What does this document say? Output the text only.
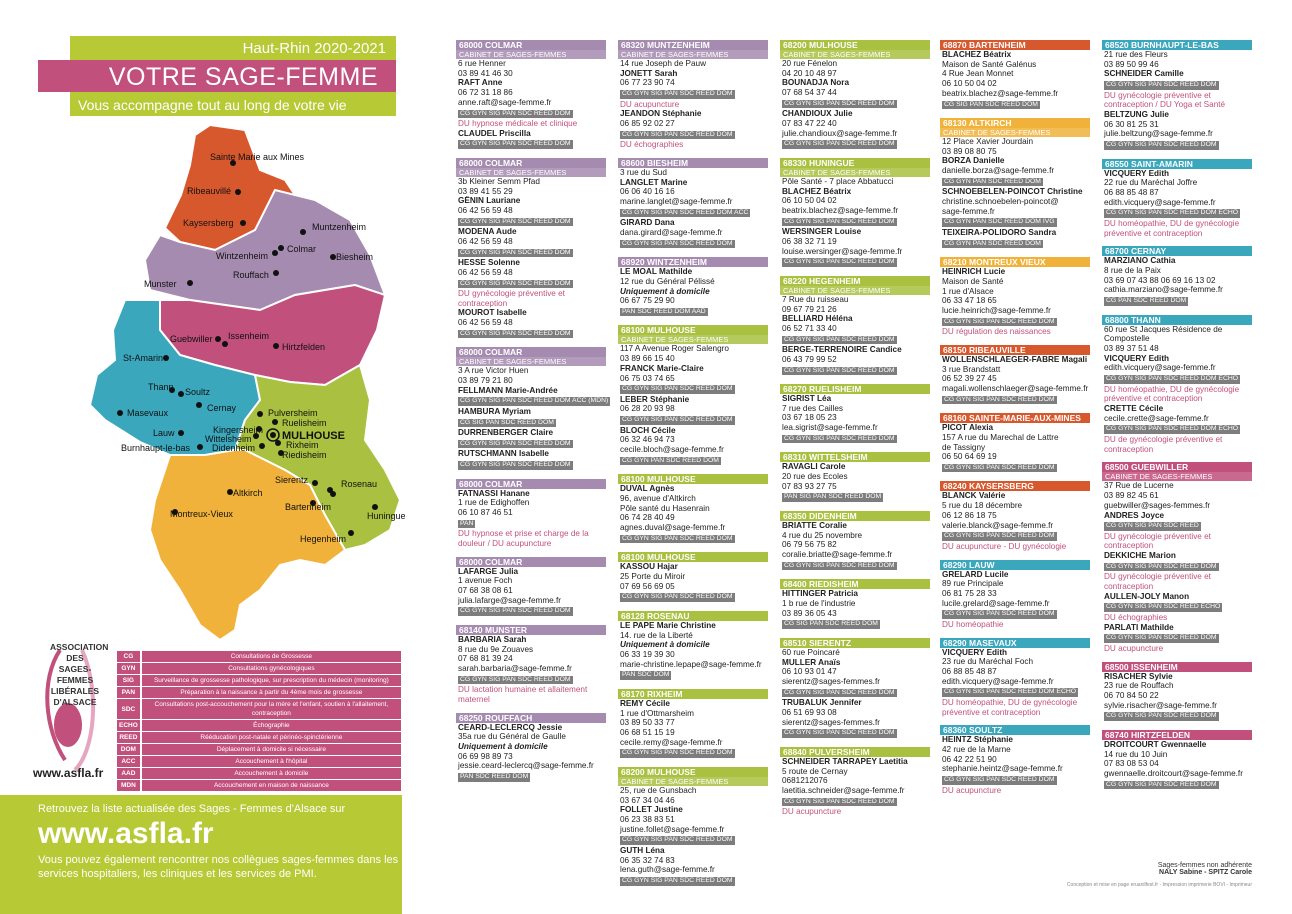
Haut-Rhin 2020-2021
VOTRE SAGE-FEMME
Vous accompagne tout au long de votre vie
Sainte Marie aux Mines
Ribeauvillé
Kaysersberg	Muntzenheim
Wintzenheim
Colmar
Biesheim
Rouffach
Munster
Guebwiller Issenheim
Hirtzfelden
St-Amarin
Thann Soultz
Cernay
Masevaux	Pulversheim
Ruelisheim
Kingersheim
Wittelsheim	MULHOUSE
Lauw
Rixheim
Didenheim
Riedisheim
Burnhaupt-le-bas
Sierentz	Rosenau
Altkirch
Bartenheim
Huningue
Montreux-Vieux
Hegenheim
ASSOCIATION DES SAGES-FEMMES LIBÉRALES D'ALSACE
www.asfla.fr
CG	Consultations de Grossesse
GYN	Consultations gynécologiques
SIG	Surveillance de grossesse pathologique, sur prescription du médecin (monitoring)
PAN	Préparation à la naissance à partir du 4ème mois de grossesse
SDC	Consultations post-accouchement pour la mère et l'enfant, soutien à l'allaitement, contraception
ECHO	Échographie
REED	Rééducation post-natale et périnéo-spinctérienne
DOM	Déplacement à domicile si nécessaire
ACC	Accouchement à l'hôpital
AAD	Accouchement à domicile
MDN	Accouchement en maison de naissance
Retrouvez la liste actualisée des Sages - Femmes d'Alsace sur
www.asfla.fr
Vous pouvez également rencontrer nos collègues sages-femmes dans les services hospitaliers, les cliniques et les services de PMI.
68000 COLMAR
CABINET DE SAGES-FEMMES
6 rue Henner
03 89 41 46 30
RAFT Anne
06 72 31 18 86
anne.raft@sage-femme.fr
CG GYN SIG PAN SDC REED DOM
DU hypnose médicale et clinique
CLAUDEL Priscilla
CG GYN SIG PAN SDC REED DOM
68000 COLMAR
CABINET DE SAGES-FEMMES
3b Kleiner Semm Pfad
03 89 41 55 29
GÊNIN Lauriane
06 42 56 59 48
CG GYN SIG PAN SDC REED DOM
MODENA Aude
06 42 56 59 48
CG GYN SIG PAN SDC REED DOM
HESSE Solenne
06 42 56 59 48
CG GYN SIG PAN SDC REED DOM
DU gynécologie préventive et contraception
MOUROT Isabelle
06 42 56 59 48
CG GYN SIG PAN SDC REED DOM
68000 COLMAR
CABINET DE SAGES-FEMMES
3 A rue Victor Huen
03 89 79 21 80
FELLMANN Marie-Andrée
CG GYN SIG PAN SDC REED DOM ACC (MDN)
HAMBURA Myriam
CG SIG PAN SDC REED DOM
DURRENBERGER Claire
CG GYN SIG PAN SDC REED DOM
RUTSCHMANN Isabelle
CG GYN SIG PAN SDC REED DOM
68000 COLMAR
FATNASSI Hanane
1 rue de Edighoffen
06 10 87 46 51
PAN
DU hypnose et prise et charge de la douleur / DU acupuncture
68000 COLMAR
LAFARGE Julia
1 avenue Foch
07 68 38 08 61
julia.lafarge@sage-femme.fr
CG GYN SIG PAN SDC REED DOM
68140 MUNSTER
BARBARIA Sarah
8 rue du 9e Zouaves
07 68 81 39 24
sarah.barbaria@sage-femme.fr
CG GYN SIG PAN SDC REED DOM
DU lactation humaine et allaitement maternel
68250 ROUFFACH
CEARD-LECLERCQ Jessie
35a rue du Général de Gaulle
Uniquement à domicile
06 69 98 89 73
jessie.ceard-leclercq@sage-femme.fr
PAN SDC REED DOM
68320 MUNTZENHEIM
CABINET DE SAGES-FEMMES
14 rue Joseph de Pauw
JONETT Sarah
06 77 23 90 74
CG GYN SIG PAN SDC REED DOM
DU acupuncture
JEANDON Stéphanie
06 85 92 02 27
CG GYN SIG PAN SDC REED DOM
DU échographies
68600 BIESHEIM
3 rue du Sud
LANGLET Marine
06 06 40 16 16
marine.langlet@sage-femme.fr
CG GYN SIG PAN SDC REED DOM ACC
GIRARD Dana
dana.girard@sage-femme.fr
CG GYN SIG PAN SDC REED DOM
68920 WINTZENHEIM
LE MOAL Mathilde
12 rue du Général Pélissé
Uniquement à domicile
06 67 75 29 90
PAN SDC REED DOM AAD
68100 MULHOUSE
CABINET DE SAGES-FEMMES
117 A Avenue Roger Salengro
03 89 66 15 40
FRANCK Marie-Claire
06 75 03 74 65
CG GYN SIG PAN SDC REED DOM
LEBER Stéphanie
06 28 20 93 98
CG GYN SIG PAN SDC REED DOM
BLOCH Cécile
06 32 46 94 73
cecile.bloch@sage-femme.fr
CG GYN PAN SDC REED DOM
68100 MULHOUSE
DUVAL Agnès
96, avenue d'Altkirch
Pôle santé du Hasenrain
06 74 28 40 49
agnes.duval@sage-femme.fr
CG GYN SIG PAN SDC REED DOM
68100 MULHOUSE
KASSOU Hajar
25 Porte du Miroir
07 69 56 69 05
CG GYN SIG PAN SDC REED DOM
68128 ROSENAU
LE PAPE Marie Christine
14. rue de la Liberté
Uniquement à domicile
06 33 19 39 30
marie-christine.lepape@sage-femme.fr
PAN SDC DOM
68170 RIXHEIM
REMY Cécile
1 rue d'Ottmarsheim
03 89 50 33 77
06 68 51 15 19
cecile.remy@sage-femme.fr
CG GYN SIG PAN SDC REED DOM
68200 MULHOUSE
CABINET DE SAGES-FEMMES
25, rue de Gunsbach
03 67 34 04 46
FOLLET Justine
06 23 38 83 51
justine.follet@sage-femme.fr
CG GYN SIG PAN SDC REED DOM
GUTH Léna
06 35 32 74 83
lena.guth@sage-femme.fr
CG GYN SIG PAN SDC REED DOM
68200 MULHOUSE
CABINET DE SAGES-FEMMES
20 rue Fénelon
04 20 10 48 97
BOUNADJA Nora
07 68 54 37 44
CG GYN SIG PAN SDC REED DOM
CHANDIOUX Julie
07 83 47 22 40
julie.chandioux@sage-femme.fr
CG GYN SIG PAN SDC REED DOM
68330 HUNINGUE
CABINET DE SAGES-FEMMES
Pôle Santé - 7 place Abbatucci
BLACHEZ Béatrix
06 10 50 04 02
beatrix.blachez@sage-femme.fr
CG GYN SIG PAN SDC REED DOM
WERSINGER Louise
06 38 32 71 19
louise.wersinger@sage-femme.fr
CG GYN SIG PAN SDC REED DOM
68220 HEGENHEIM
CABINET DE SAGES-FEMMES
7 Rue du ruisseau
09 67 79 21 26
BELLIARD Héléna
06 52 71 33 40
CG GYN SIG PAN SDC REED DOM
BERGE-TERRENOIRE Candice
06 43 79 99 52
CG GYN SIG PAN SDC REED DOM
68270 RUELISHEIM
SIGRIST Léa
7 rue des Cailles
03 67 18 05 23
lea.sigrist@sage-femme.fr
CG GYN SIG PAN SDC REED DOM
68310 WITTELSHEIM
RAVAGLI Carole
20 rue des Ecoles
07 83 93 27 75
PAN SIG PAN SDC REED DOM
68350 DIDENHEIM
BRIATTE Coralie
4 rue du 25 novembre
06 79 56 75 82
coralie.briatte@sage-femme.fr
CG GYN SIG PAN SDC REED DOM
68400 RIEDISHEIM
HITTINGER Patricia
1 b rue de l'industrie
03 89 36 05 43
CG SIG PAN SDC REED DOM
68510 SIERENTZ
60 rue Poincaré
MULLER Anaïs
06 10 93 01 47
sierentz@sages-femmes.fr
CG GYN SIG PAN SDC REED DOM
TRUBALUK Jennifer
06 51 69 93 08
sierentz@sages-femmes.fr
CG GYN SIG PAN SDC REED DOM
68840 PULVERSHEIM
SCHNEIDER TARRAPEY Laetitia
5 route de Cernay
0681212076
laetitia.schneider@sage-femme.fr
CG GYN SIG PAN SDC REED DOM
DU acupuncture
68870 BARTENHEIM
BLACHEZ Béatrix
Maison de Santé Galénus
4 Rue Jean Monnet
06 10 50 04 02
beatrix.blachez@sage-femme.fr
CG SIG PAN SDC REED DOM
68130 ALTKIRCH
CABINET DE SAGES-FEMMES
12 Place Xavier Jourdain
03 89 08 80 75
BORZA Danielle
danielle.borza@sage-femme.fr
CG GYN PAN SDC REED DOM
SCHNOEBELEN-POINCOT Christine
christine.schnoebelen-poincot@
sage-femme.fr
CG GYN PAN SDC REED DOM IVG
TEIXEIRA-POLIDORO Sandra
CG GYN PAN SDC REED DOM
68210 MONTREUX VIEUX
HEINRICH Lucie
Maison de Santé
1 rue d'Alsace
06 33 47 18 65
lucie.heinrich@sage-femme.fr
CG GYN SIG PAN SDC REED DOM
DU régulation des naissances
68150 RIBEAUVILLE
WOLLENSCHLAEGER-FABRE Magali
3 rue Brandstatt
06 52 39 27 45
magali.wollenschlaeger@sage-femme.fr
CG GYN SIG PAN SDC REED DOM
68160 SAINTE-MARIE-AUX-MINES
PICOT Alexia
157 A rue du Marechal de Lattre
de Tassigny
06 50 64 69 19
CG GYN SIG PAN SDC REED DOM
68240 KAYSERSBERG
BLANCK Valérie
5 rue du 18 décembre
06 12 86 18 75
valerie.blanck@sage-femme.fr
CG GYN SIG PAN SDC REED DOM
DU acupuncture - DU gynécologie
68290 LAUW
GRELARD Lucile
89 rue Principale
06 81 75 28 33
lucile.grelard@sage-femme.fr
CG GYN SIG PAN SDC REED DOM
DU homéopathie
68290 MASEVAUX
VICQUERY Edith
23 rue du Maréchal Foch
06 88 85 48 87
edith.vicquery@sage-femme.fr
CG GYN SIG PAN SDC REED DOM ECHO
DU homéopathie, DU de gynécologie préventive et contraception
68360 SOULTZ
HEINTZ Stéphanie
42 rue de la Marne
06 42 22 51 90
stephanie.heintz@sage-femme.fr
CG GYN SIG PAN SDC REED DOM
DU acupuncture
68520 BURNHAUPT-LE-BAS
21 rue des Fleurs
03 89 50 99 46
SCHNEIDER Camille
CG GYN SIG PAN SDC REED DOM
DU gynécologie préventive et contraception / DU Yoga et Santé
BELTZUNG Julie
06 30 81 25 31
julie.beltzung@sage-femme.fr
CG GYN SIG PAN SDC REED DOM
68550 SAINT-AMARIN
VICQUERY Edith
22 rue du Maréchal Joffre
06 88 85 48 87
edith.vicquery@sage-femme.fr
CG GYN SIG PAN SDC REED DOM ECHO
DU homéopathie, DU de gynécologie préventive et contraception
68700 CERNAY
MARZIANO Cathia
8 rue de la Paix
03 69 07 43 88 06 69 16 13 02
cathia.marziano@sage-femme.fr
CG PAN SDC REED DOM
68800 THANN
60 rue St Jacques Résidence de
Compostelle
03 89 37 51 48
VICQUERY Edith
edith.vicquery@sage-femme.fr
CG GYN SIG PAN SDC REED DOM ECHO
DU homéopathie, DU de gynécologie préventive et contraception
CRETTE Cécile
cecile.crette@sage-femme.fr
CG GYN SIG PAN SDC REED DOM ECHO
DU de gynécologie préventive et contraception
68500 GUEBWILLER
CABINET DE SAGES-FEMMES
37 Rue de Lucerne
03 89 82 45 61
guebwiller@sages-femmes.fr
ANDRES Joyce
CG GYN SIG PAN SDC REED
DU gynécologie préventive et contraception
DEKKICHE Marion
CG GYN SIG PAN SDC REED DOM
DU gynécologie préventive et contraception
AULLEN-JOLY Manon
CG GYN SIG PAN SDC REED ECHO
DU échographies
PARLATI Mathilde
CG GYN SIG PAN SDC REED DOM
DU acupuncture
68500 ISSENHEIM
RISACHER Sylvie
23 rue de Rouffach
06 70 84 50 22
sylvie.risacher@sage-femme.fr
CG GYN SIG PAN SDC REED DOM
68740 HIRTZFELDEN
DROITCOURT Gwennaelle
14 rue du 10 Juin
07 83 08 53 04
gwennaelle.droitcourt@sage-femme.fr
CG GYN SIG PAN SDC REED DOM
Sages-femmes non adhérente
NALY Sabine - SPITZ Carole
Conception et mise en page eruanilfest.fr - Impression imprimerie BOVI - Imprimeur
